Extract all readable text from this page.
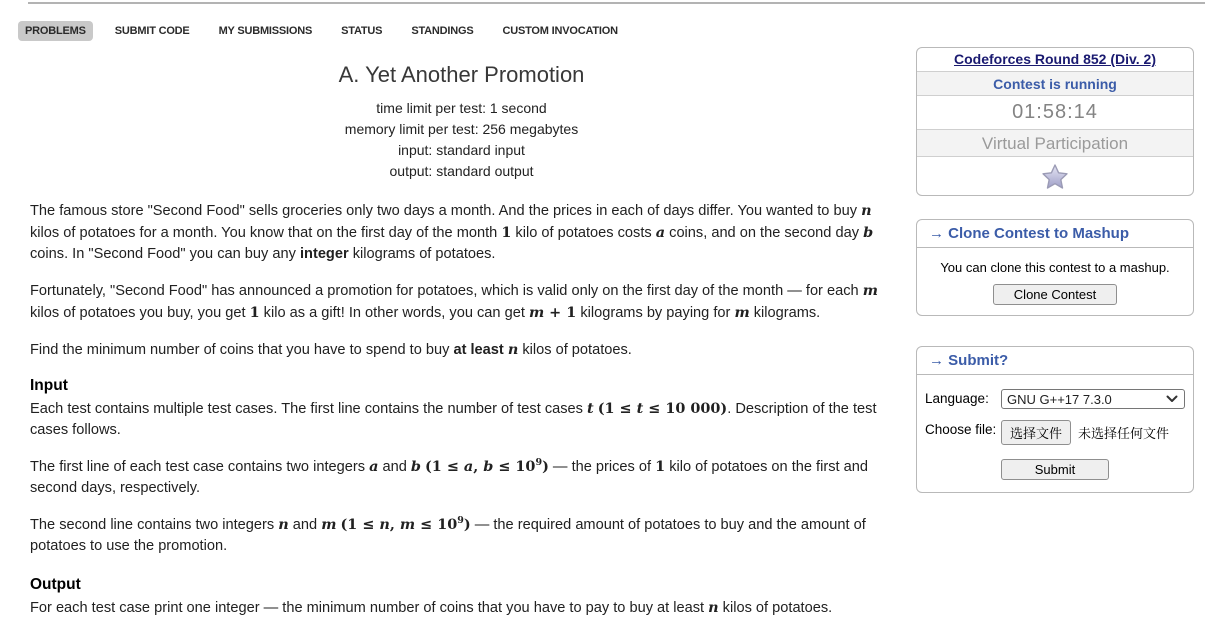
PROBLEMS	SUBMIT CODE	MY SUBMISSIONS	STATUS	STANDINGS	CUSTOM INVOCATION
A. Yet Another Promotion
time limit per test: 1 second
memory limit per test: 256 megabytes
input: standard input
output: standard output

The famous store "Second Food" sells groceries only two days a month. And the prices in each of days differ. You wanted to buy n kilos of potatoes for a month. You know that on the first day of the month 1 kilo of potatoes costs a coins, and on the second day b coins. In "Second Food" you can buy any integer kilograms of potatoes.

Fortunately, "Second Food" has announced a promotion for potatoes, which is valid only on the first day of the month — for each m kilos of potatoes you buy, you get 1 kilo as a gift! In other words, you can get m + 1 kilograms by paying for m kilograms.

Find the minimum number of coins that you have to spend to buy at least n kilos of potatoes.

Input

Each test contains multiple test cases. The first line contains the number of test cases t (1 ≤ t ≤ 10 000). Description of the test cases follows.

The first line of each test case contains two integers a and b (1 ≤ a, $b \le 10^9$) — the prices of 1 kilo of potatoes on the first and second days, respectively.

The second line contains two integers n and m (1 ≤ n, $m \le 10^9$) — the required amount of potatoes to buy and the amount of potatoes to use the promotion.

Output

For each test case print one integer — the minimum number of coins that you have to pay to buy at least n kilos of potatoes.

Codeforces Round 852 (Div. 2)
Contest is running
01:58:14
Virtual Participation
→ Clone Contest to Mashup
You can clone this contest to a mashup.
Clone Contest
→ Submit?
Language:	GNU G++17 7.3.0
Choose file:	选择文件	未选择任何文件
Submit
